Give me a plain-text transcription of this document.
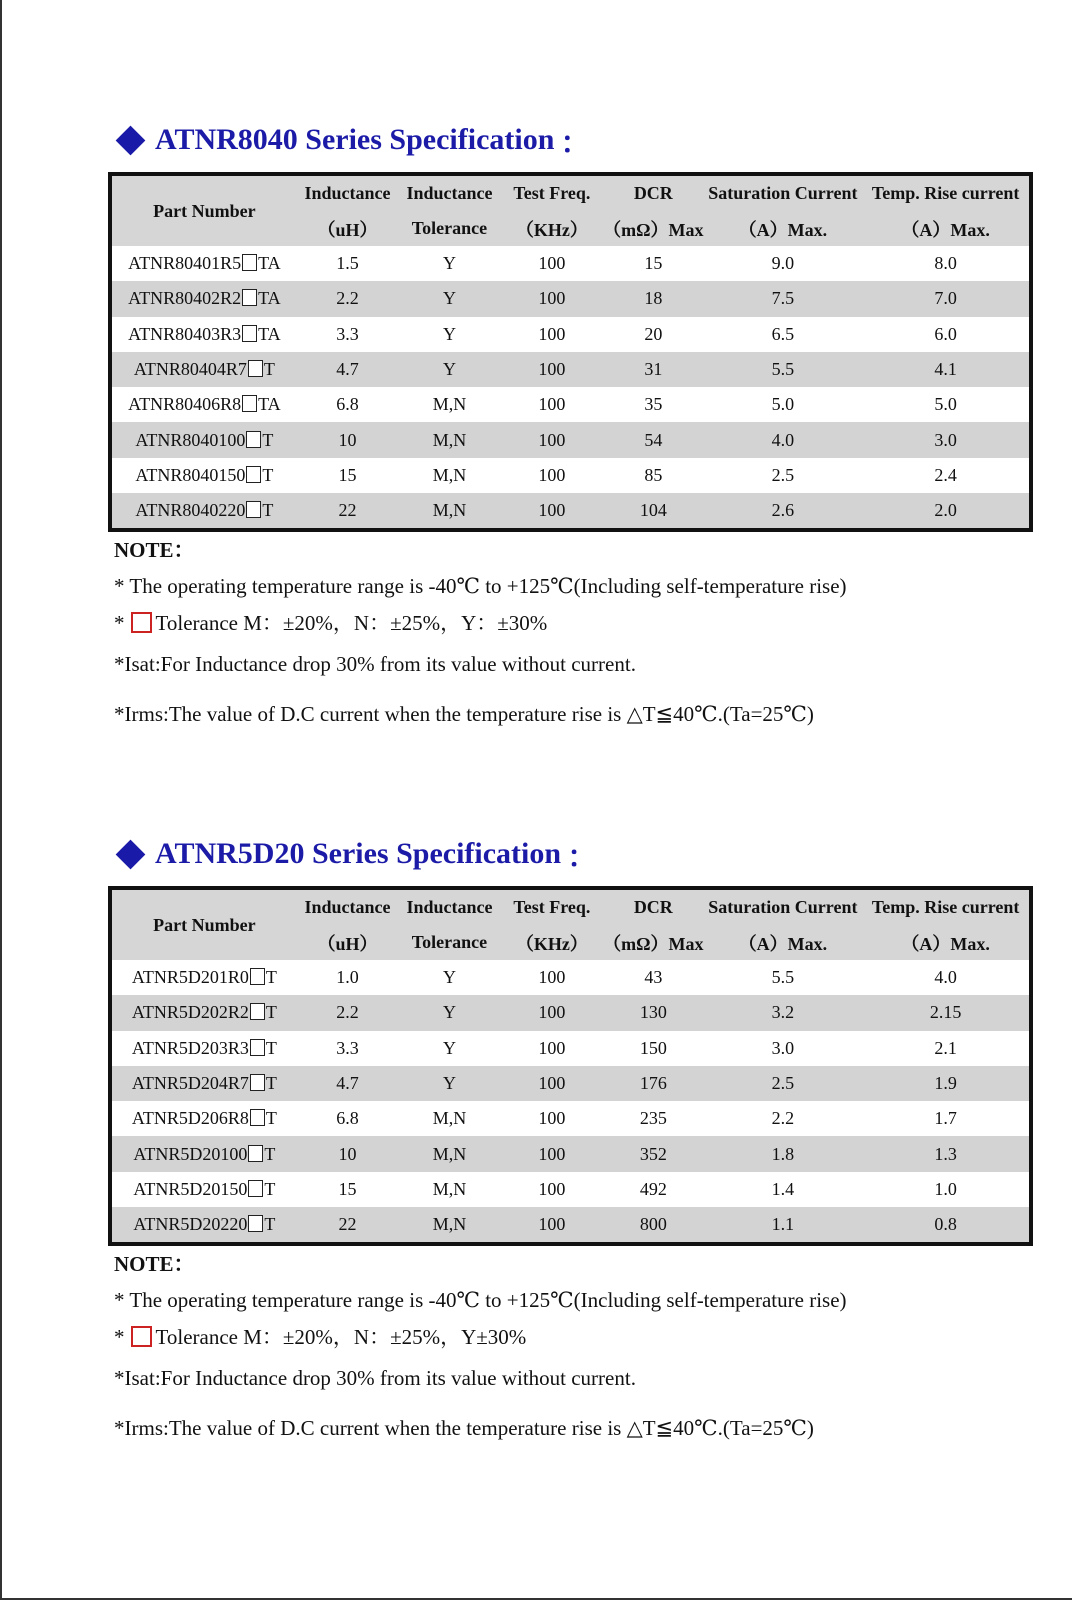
ATNR8040 Series Specification ：
Part Number	Inductance	Inductance	Test Freq.	DCR	Saturation Current	Temp. Rise current
	（uH）	Tolerance	（KHz）	（mΩ）Max	（A）Max.	（A）Max.
ATNR80401R5 TA	1.5	Y	100	15	9.0	8.0
ATNR80402R2 TA	2.2	Y	100	18	7.5	7.0
ATNR80403R3 TA	3.3	Y	100	20	6.5	6.0
ATNR80404R7 T	4.7	Y	100	31	5.5	4.1
ATNR80406R8 TA	6.8	M,N	100	35	5.0	5.0
ATNR8040100 T	10	M,N	100	54	4.0	3.0
ATNR8040150 T	15	M,N	100	85	2.5	2.4
ATNR8040220 T	22	M,N	100	104	2.6	2.0
NOTE：
* The operating temperature range is -40℃ to +125℃(Including self-temperature rise)
* Tolerance M：±20%，N：±25%，Y：±30%
*Isat:For Inductance drop 30% from its value without current.
*Irms:The value of D.C current when the temperature rise is △T≦40℃.(Ta=25℃)
ATNR5D20 Series Specification ：
Part Number	Inductance	Inductance	Test Freq.	DCR	Saturation Current	Temp. Rise current
	（uH）	Tolerance	（KHz）	（mΩ）Max	（A）Max.	（A）Max.
ATNR5D201R0 T	1.0	Y	100	43	5.5	4.0
ATNR5D202R2 T	2.2	Y	100	130	3.2	2.15
ATNR5D203R3 T	3.3	Y	100	150	3.0	2.1
ATNR5D204R7 T	4.7	Y	100	176	2.5	1.9
ATNR5D206R8 T	6.8	M,N	100	235	2.2	1.7
ATNR5D20100 T	10	M,N	100	352	1.8	1.3
ATNR5D20150 T	15	M,N	100	492	1.4	1.0
ATNR5D20220 T	22	M,N	100	800	1.1	0.8
NOTE：
* The operating temperature range is -40℃ to +125℃(Including self-temperature rise)
* Tolerance M：±20%，N：±25%，Y±30%
*Isat:For Inductance drop 30% from its value without current.
*Irms:The value of D.C current when the temperature rise is △T≦40℃.(Ta=25℃)
